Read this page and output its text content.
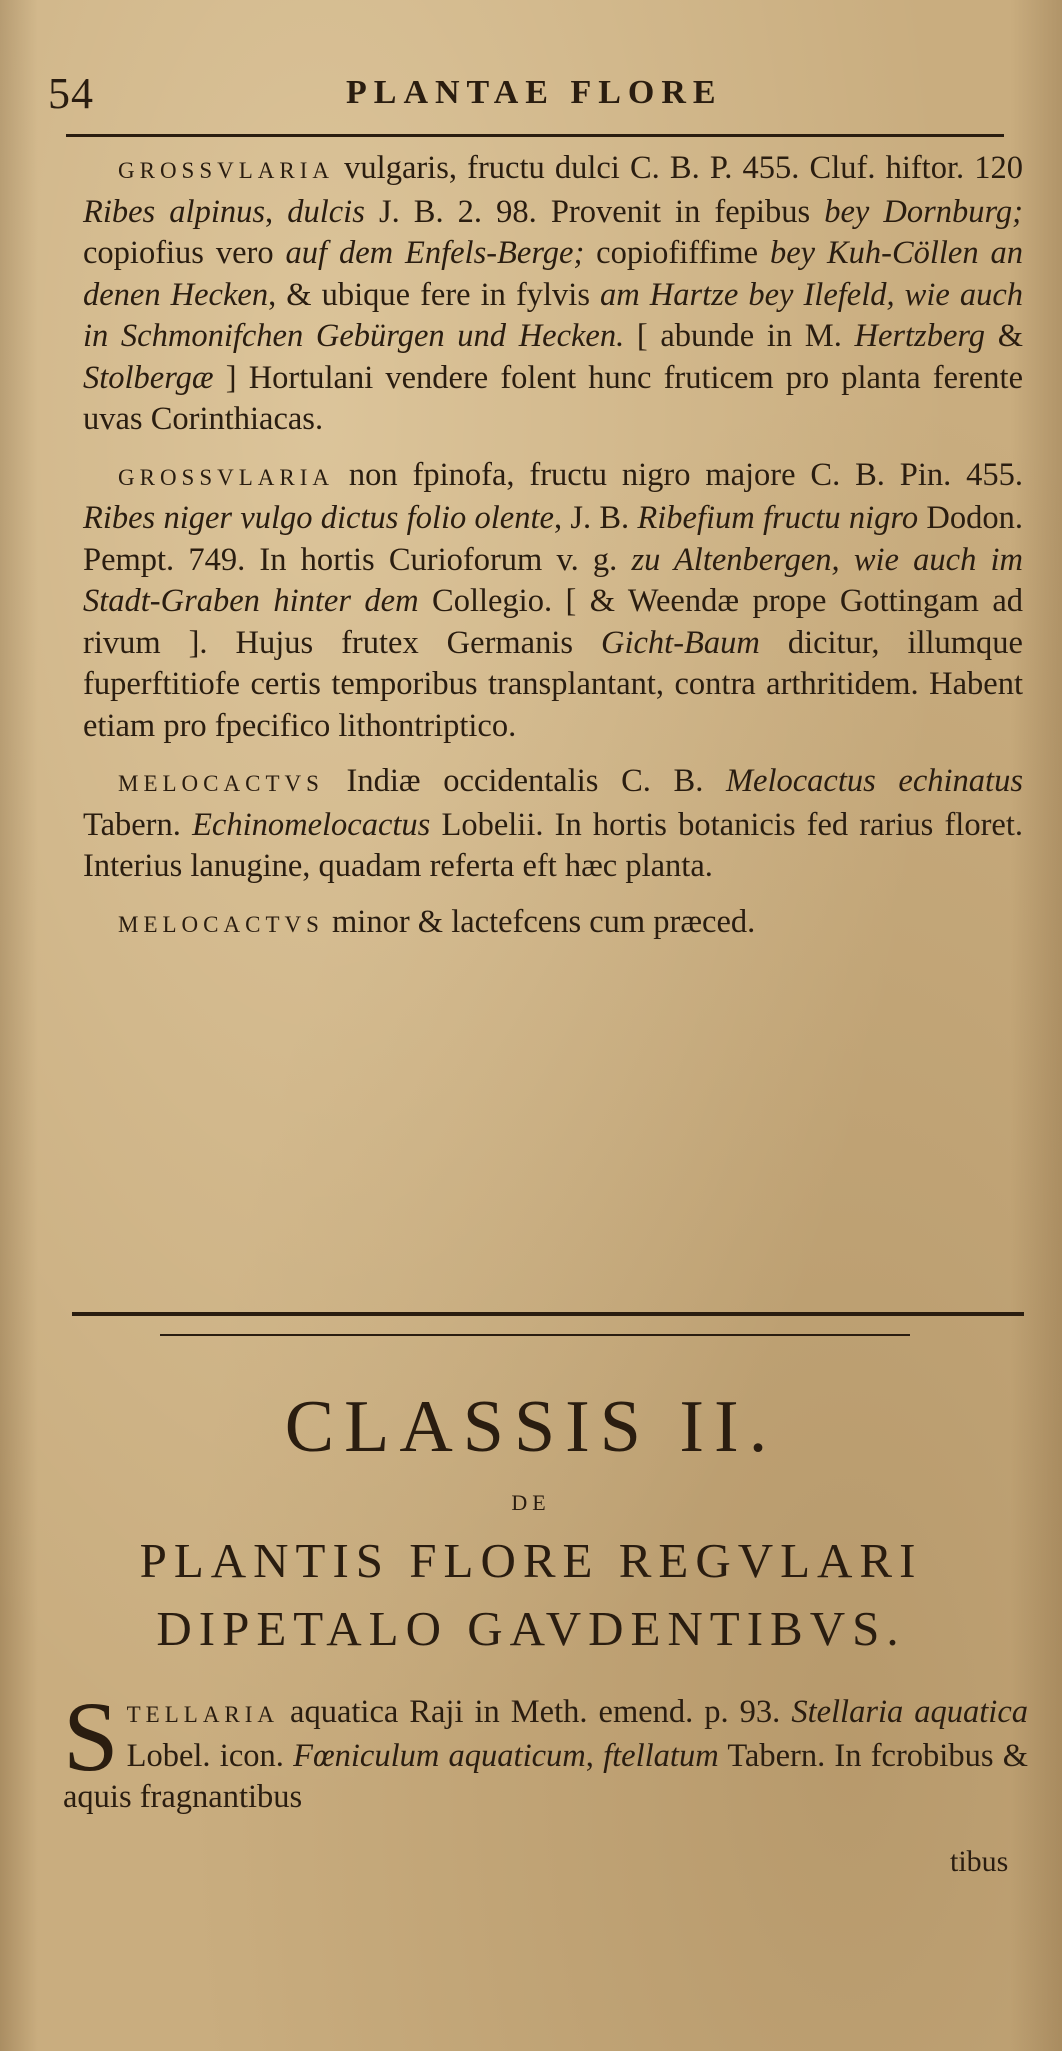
54	PLANTAE FLORE

GROSSVLARIA vulgaris, fructu dulci C. B. P. 455. Cluf. hiftor. 120 Ribes alpinus, dulcis J. B. 2. 98. Provenit in fepibus bey Dornburg; copiofius vero auf dem Enfels-Berge; copiofiffime bey Kuh-Cöllen an denen Hecken, & ubique fere in fylvis am Hartze bey Ilefeld, wie auch in Schmonifchen Gebürgen und Hecken. [ abunde in M. Hertzberg & Stolbergæ ] Hortulani vendere folent hunc fruticem pro planta ferente uvas Corinthiacas.

GROSSVLARIA non fpinofa, fructu nigro majore C. B. Pin. 455. Ribes niger vulgo dictus folio olente, J. B. Ribefium fructu nigro Dodon. Pempt. 749. In hortis Curioforum v. g. zu Altenbergen, wie auch im Stadt-Graben hinter dem Collegio. [ & Weendæ prope Gottingam ad rivum ]. Hujus frutex Germanis Gicht-Baum dicitur, illumque fuperftitiofe certis temporibus transplantant, contra arthritidem. Habent etiam pro fpecifico lithontriptico.

MELOCACTVS Indiæ occidentalis C. B. Melocactus echinatus Tabern. Echinomelocactus Lobelii. In hortis botanicis fed rarius floret. Interius lanugine, quadam referta eft hæc planta.

MELOCACTVS minor & lactefcens cum præced.

CLASSIS II.
DE
PLANTIS FLORE REGVLARI
DIPETALO GAVDENTIBVS.
STELLARIA aquatica Raji in Meth. emend. p. 93. Stellaria aquatica Lobel. icon. Fœniculum aquaticum, ftellatum Tabern. In fcrobibus & aquis fragnantibus
tibus
